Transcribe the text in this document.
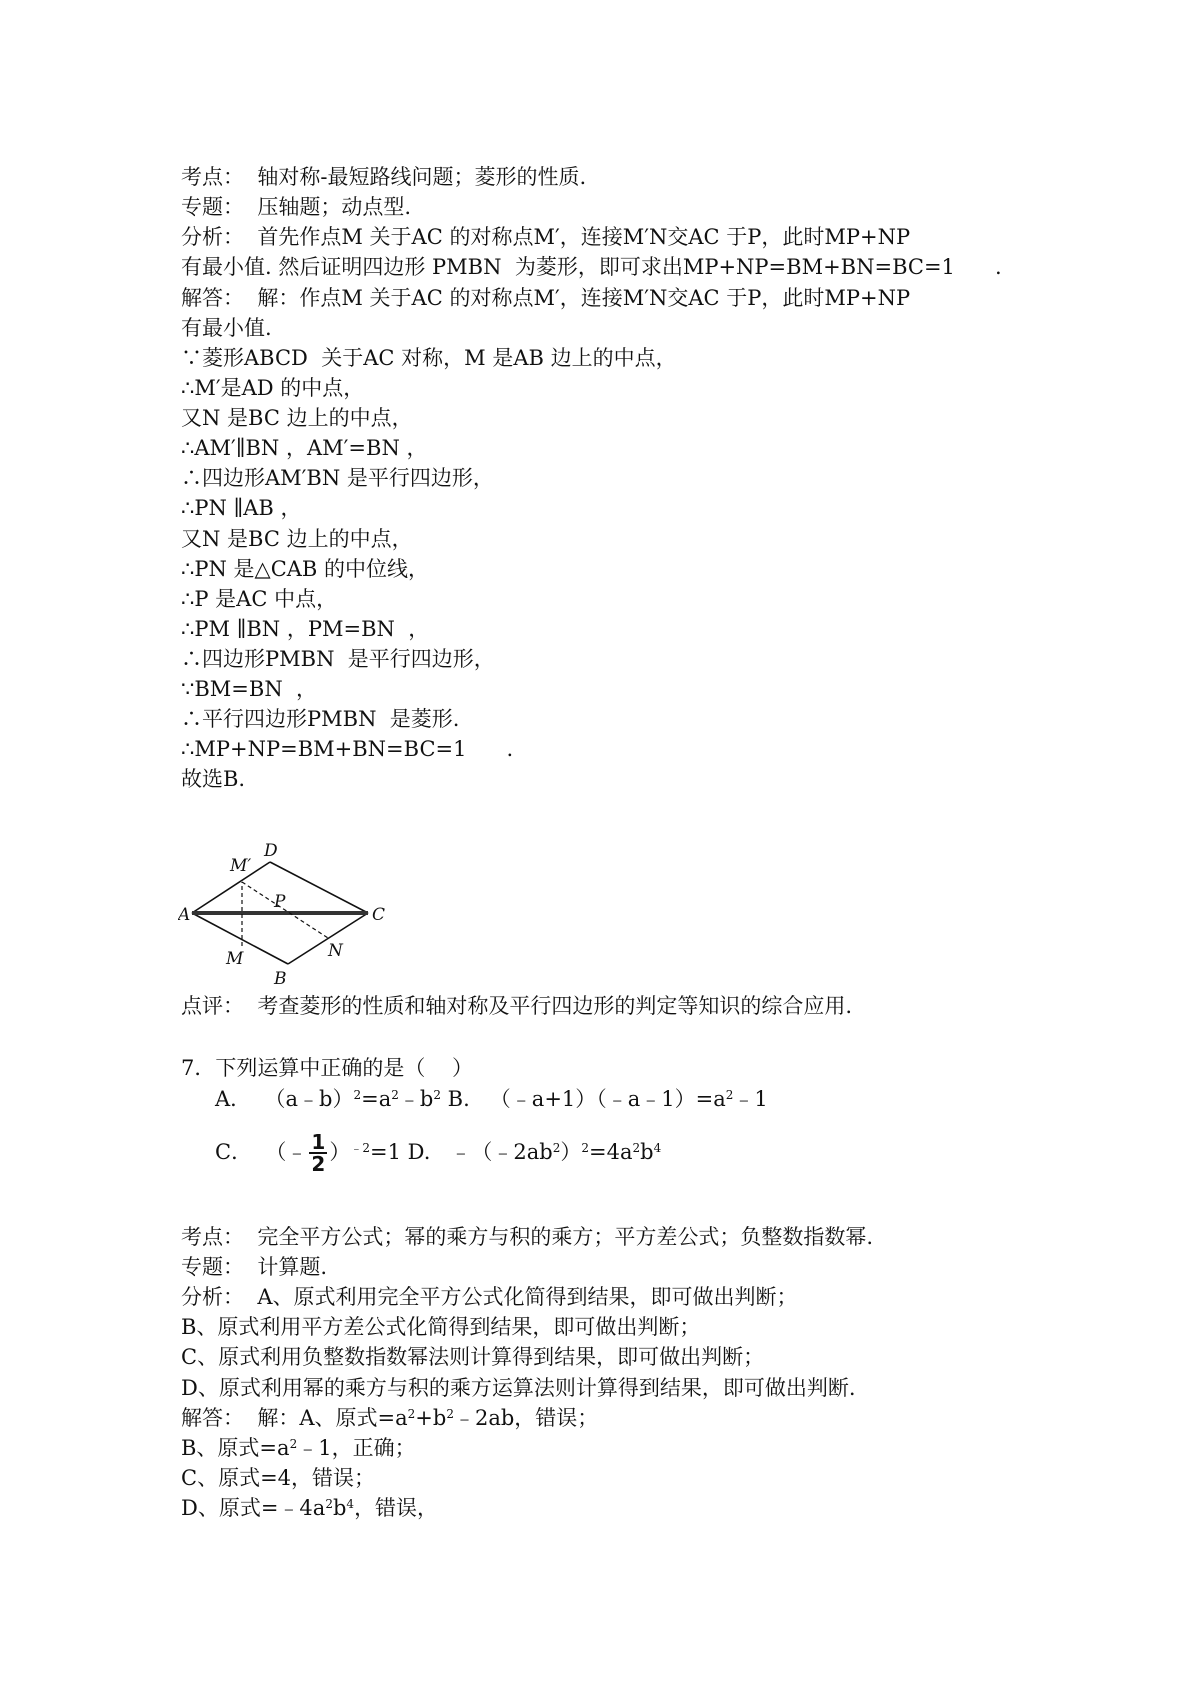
考点： 轴对称-最短路线问题；菱形的性质.
专题： 压轴题；动点型.
分析： 首先作点M 关于AC 的对称点M′，连接M′N交AC 于P，此时MP+NP
有最小值. 然后证明四边形 PMBN  为菱形，即可求出MP+NP=BM+BN=BC=1      .
解答： 解：作点M 关于AC 的对称点M′，连接M′N交AC 于P，此时MP+NP
有最小值.
∵菱形ABCD  关于AC 对称，M 是AB 边上的中点，
∴M′是AD 的中点，
又N 是BC 边上的中点，
∴AM′∥BN ，AM′=BN ，
∴四边形AM′BN 是平行四边形，
∴PN ∥AB ，
又N 是BC 边上的中点，
∴PN 是△CAB 的中位线，
∴P 是AC 中点，
∴PM ∥BN ，PM=BN  ，
∴四边形PMBN  是平行四边形，
∵BM=BN  ，
∴平行四边形PMBN  是菱形.
∴MP+NP=BM+BN=BC=1      .
故选B.
A
D
C
B
M′
P
M	N
点评： 考查菱形的性质和轴对称及平行四边形的判定等知识的综合应用.
7．下列运算中正确的是（    ）
A．  $(a﹣b)^2=a^2﹣b^2$ B.   $(﹣a+1)(﹣a﹣1)=a^2﹣1$
C．  （﹣ $\frac{1}{2} )^{﹣2}=1$ D.   $﹣(﹣2ab^2)^2=4a^2b^4$
考点： 完全平方公式；幂的乘方与积的乘方；平方差公式；负整数指数幂.
专题： 计算题.
分析： A、原式利用完全平方公式化简得到结果，即可做出判断；
B、原式利用平方差公式化简得到结果，即可做出判断；
C、原式利用负整数指数幂法则计算得到结果，即可做出判断；
D、原式利用幂的乘方与积的乘方运算法则计算得到结果，即可做出判断.
解答： 解：A、原式$=a^2+b^2﹣2ab$，错误；
B、原式$=a^2﹣1$，正确；
C、原式=4，错误；
D、原式$=﹣4a^2b^4$，错误，
